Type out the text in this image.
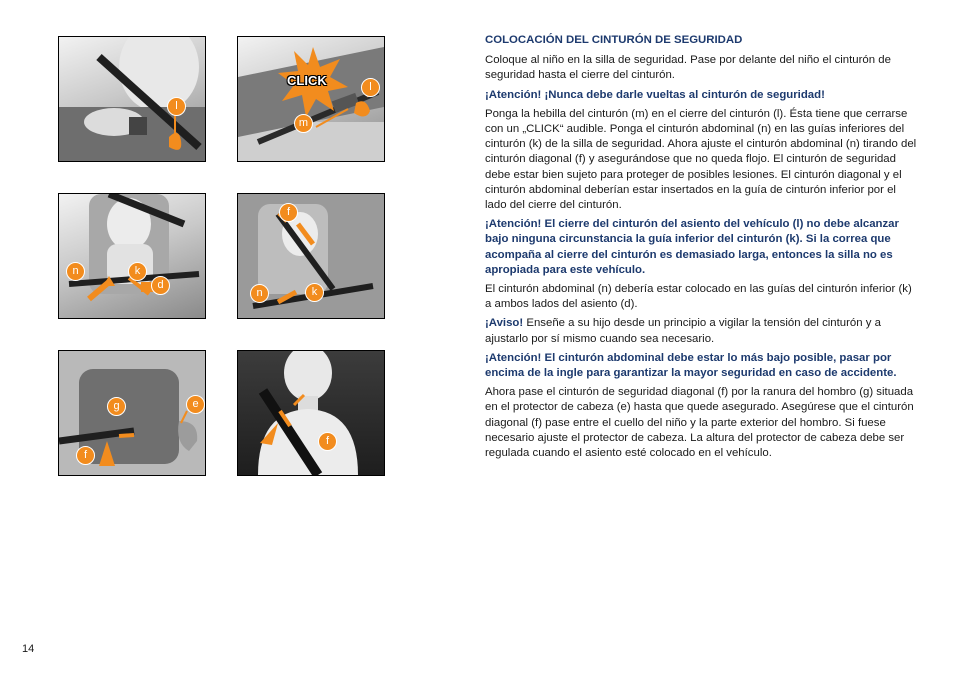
l
CLICK	l
m
n	k
d
f
n	k
g	e
f
f

COLOCACIÓN DEL CINTURÓN DE SEGURIDAD

Coloque al niño en la silla de seguridad. Pase por delante del niño el cinturón de seguridad hasta el cierre del cinturón.

¡Atención! ¡Nunca debe darle vueltas al cinturón de seguridad!

Ponga la hebilla del cinturón (m) en el cierre del cinturón (l). Ésta tiene que cerrarse con un „CLICK“ audible. Ponga el cinturón abdominal (n) en las guías inferiores del cinturón (k) de la silla de seguridad. Ahora ajuste el cinturón abdominal (n) tirando del cinturón diagonal (f) y asegurándose que no queda flojo. El cinturón de seguridad debe estar bien sujeto para proteger de posibles lesiones. El cinturón diagonal y el cinturón abdominal deberían estar insertados en la guía de cinturón inferior por el lado del cierre del cinturón.

¡Atención! El cierre del cinturón del asiento del vehículo (l) no debe alcanzar bajo ninguna circunstancia la guía inferior del cinturón (k). Si la correa que acompaña al cierre del cinturón es demasiado larga, entonces la silla no es apropiada para este vehículo.

El cinturón abdominal (n) debería estar colocado en las guías del cinturón inferior (k) a ambos lados del asiento (d).

¡Aviso! Enseñe a su hijo desde un principio a vigilar la tensión del cinturón y a ajustarlo por sí mismo cuando sea necesario.

¡Atención! El cinturón abdominal debe estar lo más bajo posible, pasar por encima de la ingle para garantizar la mayor seguridad en caso de accidente.

Ahora pase el cinturón de seguridad diagonal (f) por la ranura del hombro (g) situada en el protector de cabeza (e) hasta que quede asegurado. Asegúrese que el cinturón diagonal (f) pase entre el cuello del niño y la parte exterior del hombro. Si fuese necesario ajuste el protector de cabeza. La altura del protector de cabeza debe ser regulada cuando el asiento esté colocado en el vehículo.

14
